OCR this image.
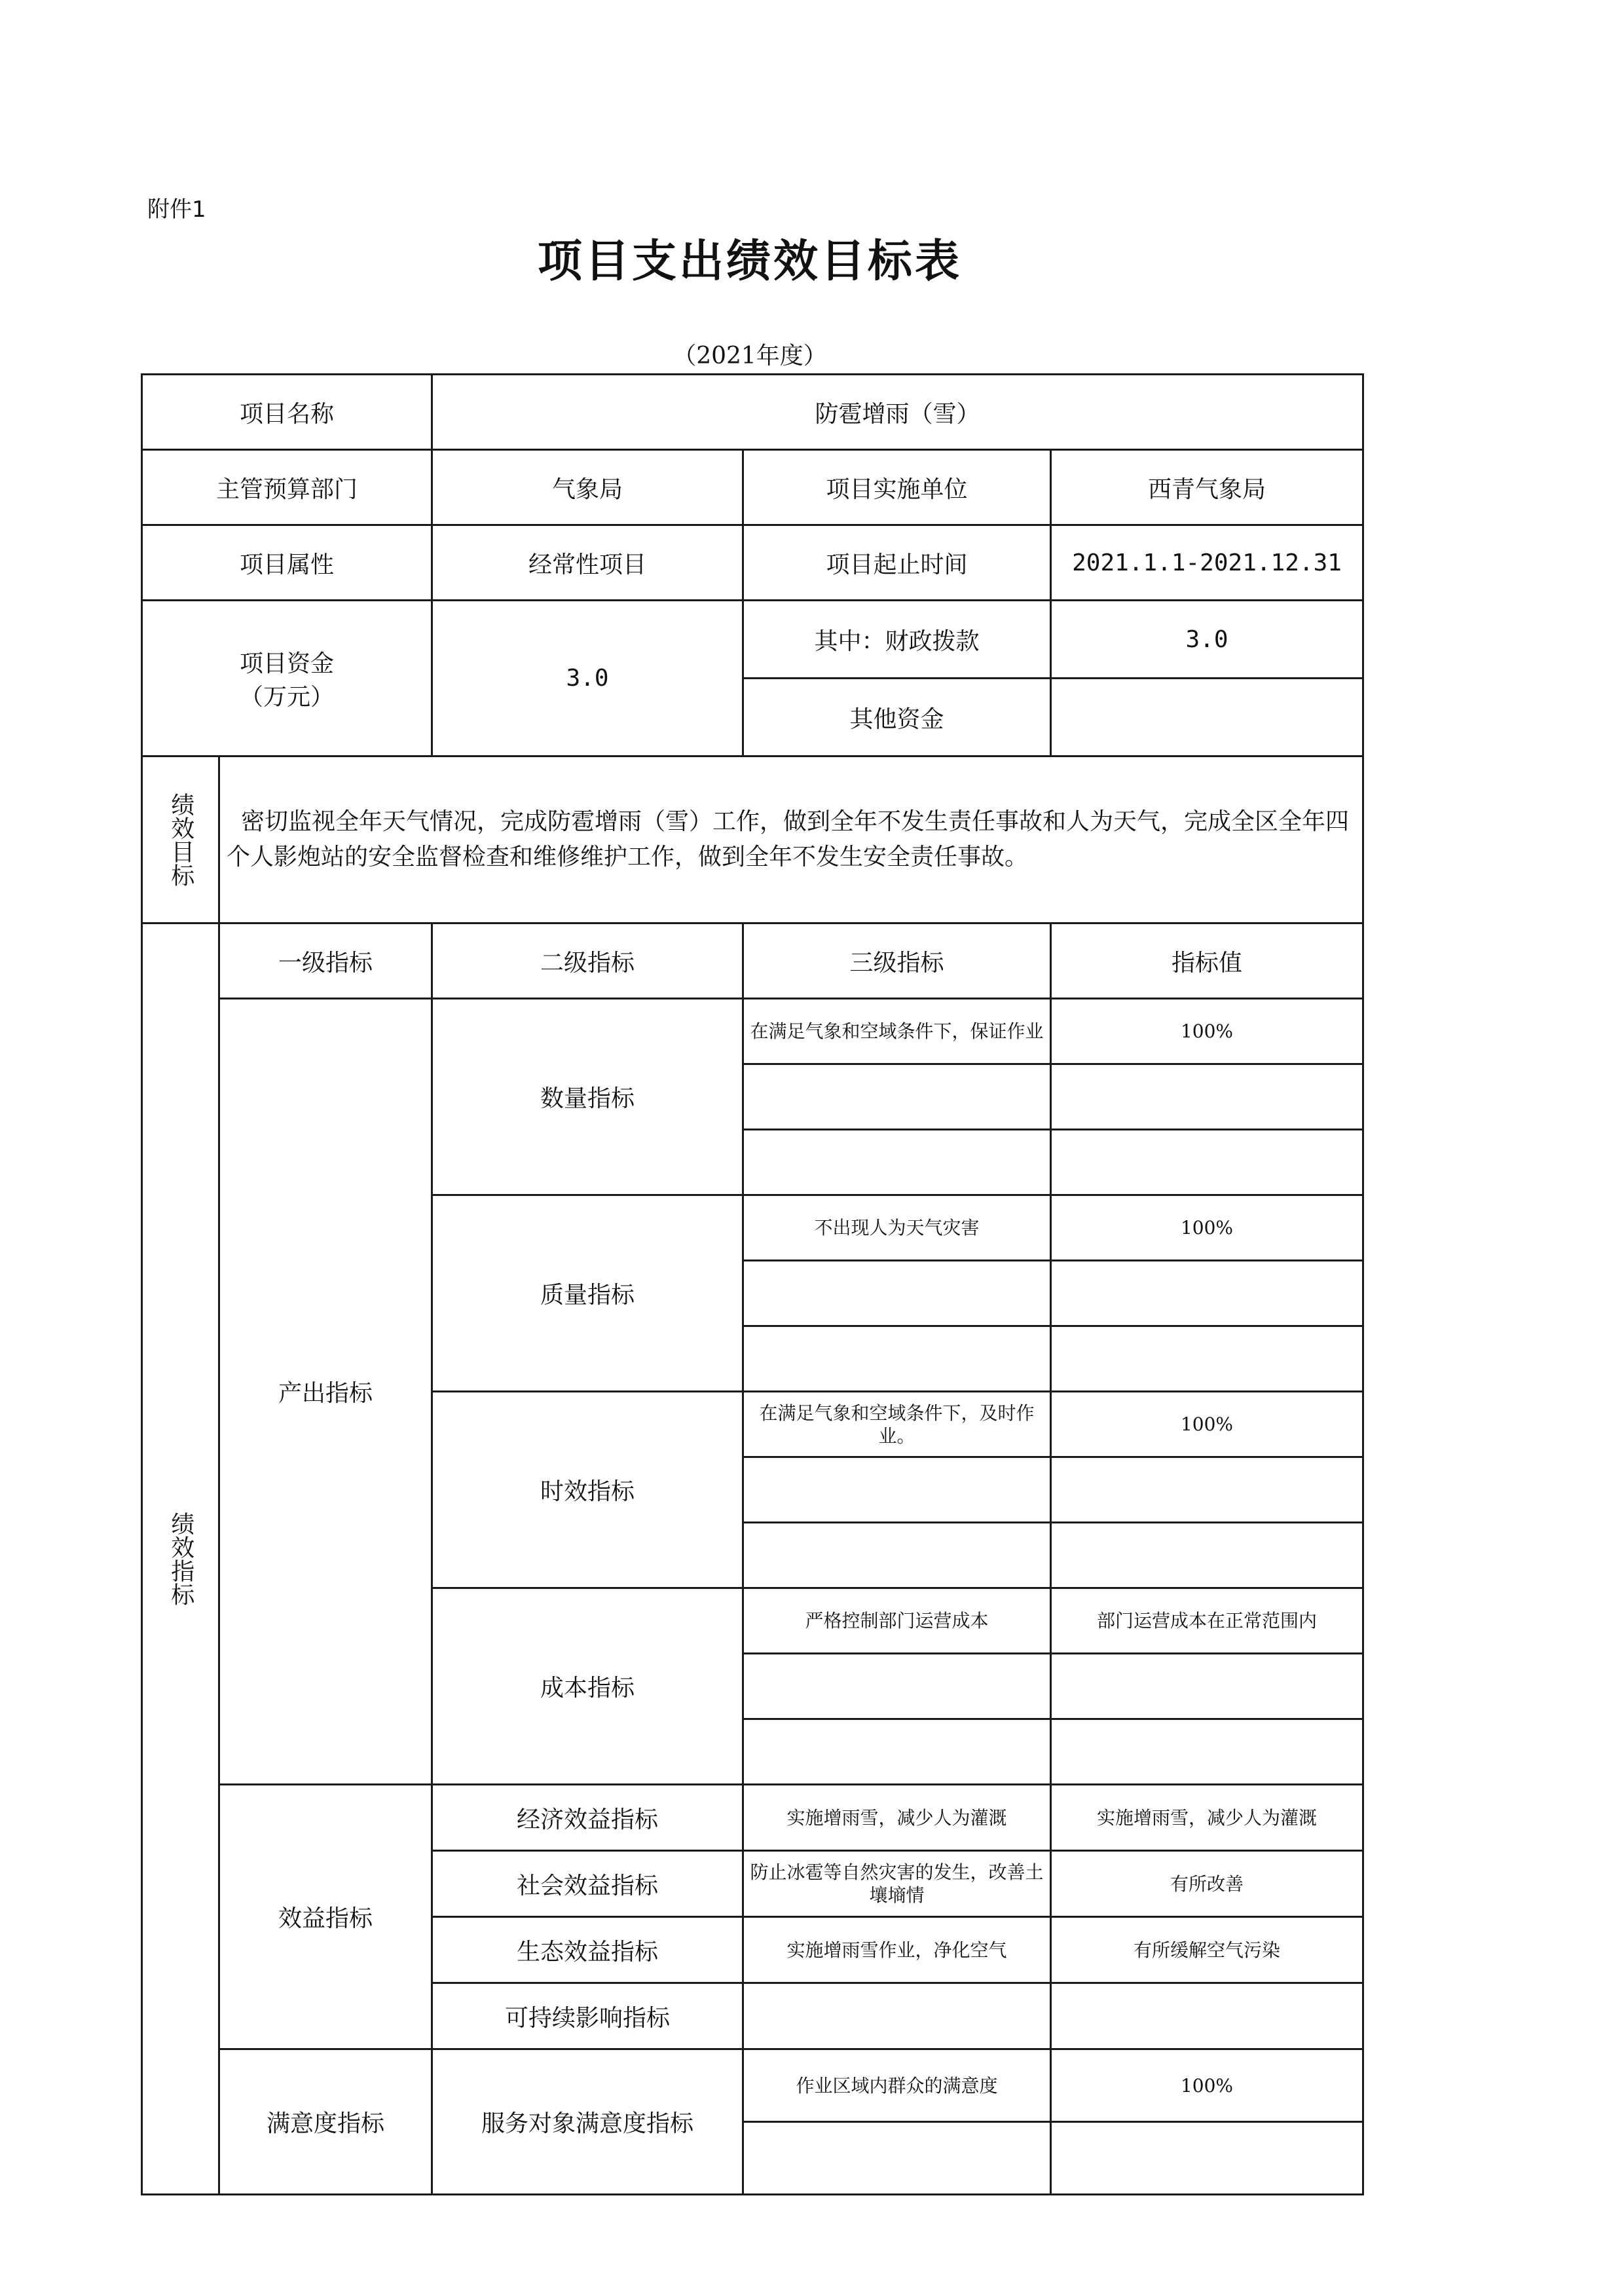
附件1
项目支出绩效目标表
（2021年度）
项目名称		防雹增雨（雪）		
主管预算部门		气象局	项目实施单位	西青气象局
项目属性		经常性项目	项目起止时间	2021.1.1-2021.12.31

项目资金
（万元）		3.0	其中：财政拨款	3.0
			其他资金	
绩效目标	密切监视全年天气情况，完成防雹增雨（雪）工作，做到全年不发生责任事故和人为天气，完成全区全年四个人影炮站的安全监督检查和维修维护工作，做到全年不发生安全责任事故。			
绩效指标	一级指标	二级指标	三级指标	指标值
	产出指标	数量指标	在满足气象和空域条件下，保证作业	100%

		质量指标	不出现人为天气灾害	100%

		时效指标	在满足气象和空域条件下，及时作业。	100%

		成本指标	严格控制部门运营成本	部门运营成本在正常范围内

	效益指标	经济效益指标	实施增雨雪，减少人为灌溉	实施增雨雪，减少人为灌溉
		社会效益指标	防止冰雹等自然灾害的发生，改善土壤墒情	有所改善
		生态效益指标	实施增雨雪作业，净化空气	有所缓解空气污染
		可持续影响指标		
	满意度指标	服务对象满意度指标	作业区域内群众的满意度	100%
